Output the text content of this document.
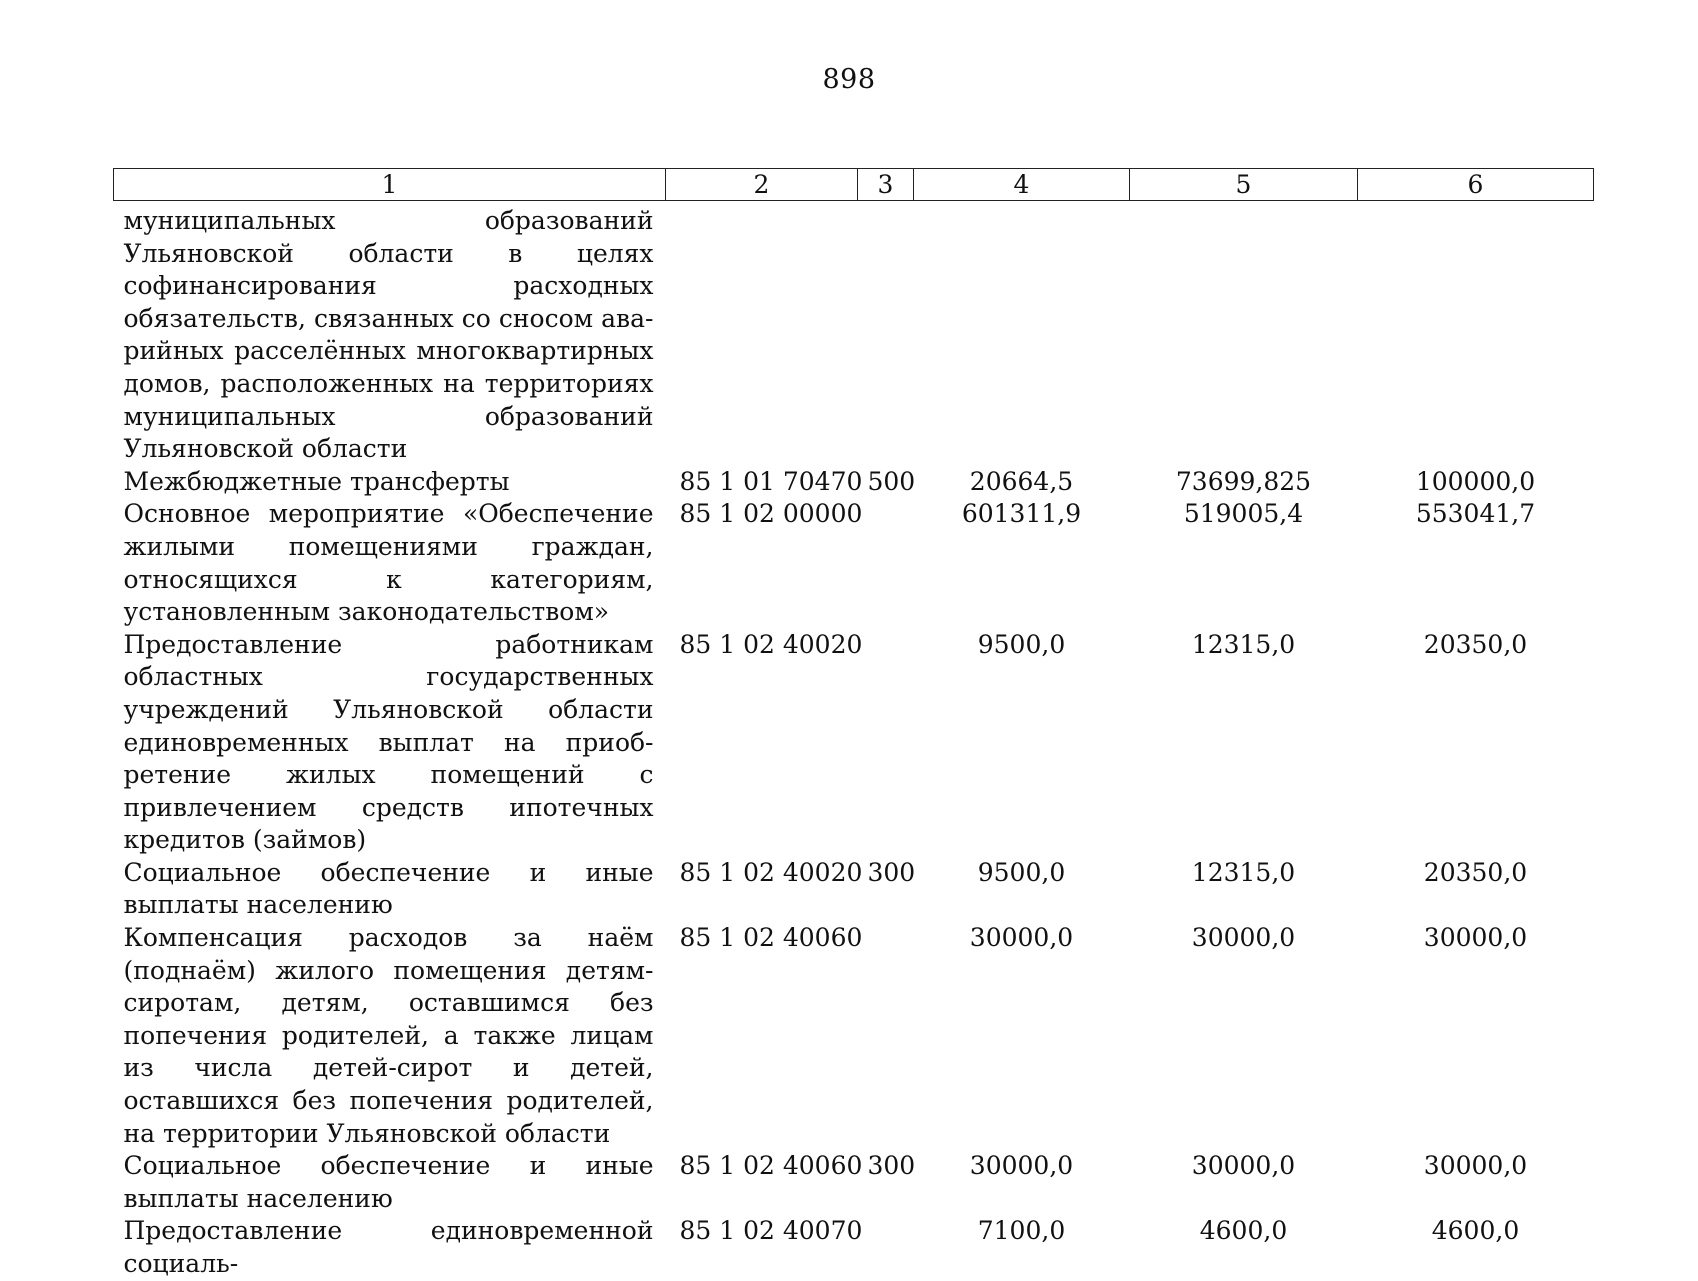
898
1	2	3	4	5	6
муниципальных образований Ульяновской области в целях софинансирования расходных обязательств, связанных со сносом аварийных расселённых многоквартирных домов, расположенных на территориях муниципальных образований Ульяновской области					
Межбюджетные трансферты	85 1 01 70470	500	20664,5	73699,825	100000,0
Основное мероприятие «Обеспечение жилыми помещениями граждан, относящихся к категориям, установленным законодательством»	85 1 02 00000		601311,9	519005,4	553041,7
Предоставление работникам областных государственных учреждений Ульяновской области единовременных выплат на приобретение жилых помещений с привлечением средств ипотечных кредитов (займов)	85 1 02 40020		9500,0	12315,0	20350,0
Социальное обеспечение и иные выплаты населению	85 1 02 40020	300	9500,0	12315,0	20350,0
Компенсация расходов за наём (поднаём) жилого помещения детям-сиротам, детям, оставшимся без попечения родителей, а также лицам из числа детей-сирот и детей, оставшихся без попечения родителей, на территории Ульяновской области	85 1 02 40060		30000,0	30000,0	30000,0
Социальное обеспечение и иные выплаты населению	85 1 02 40060	300	30000,0	30000,0	30000,0
Предоставление единовременной социаль-	85 1 02 40070		7100,0	4600,0	4600,0
